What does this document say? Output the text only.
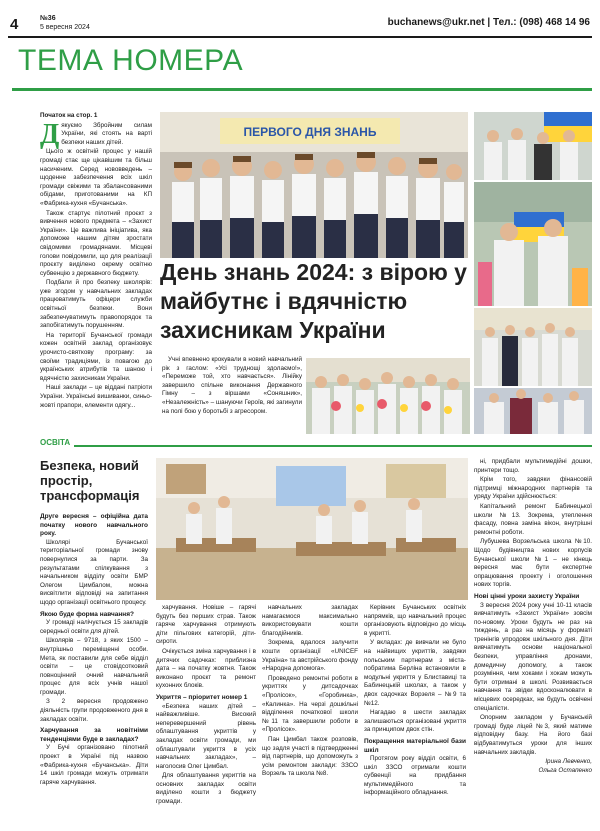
4	№36
5 вересня 2024	buchanews@ukr.net | Тел.: (098) 468 14 96
ТЕМА НОМЕРА

Початок на стор. 1

Дякуємо Збройним силам України, які стоять на варті безпеки наших дітей.

Цього ж освітній процес у нашій громаді стає ще цікавішим та більш насиченим. Серед нововведень – щоденне забезпечення всіх шкіл громади свіжими та збалансованими обідами, приготованими на КП «Фабрика-кухня «Бучанська».

Також стартує пілотний проєкт з вивчення нового предмета – «Захист України». Це важлива ініціатива, яка допоможе нашим дітям зростати свідомими громадянами. Місцеві голови повідомили, що для реалізації проєкту виділено окрему освітню субвенцію з державного бюджету.

Подбали й про безпеку школярів: уже згодом у навчальних закладах працюватимуть офіцери служби освітньої безпеки. Вони забезпечуватимуть правопорядок та запобігатимуть порушенням.

На території Бучанської громади кожен освітній заклад організовує урочисто-святкову програму: за своїми традиціями, із повагою до українських атрибутів та шаною і вдячністю захисникам України.

Наші заклади – це відданi патріоти України. Українські вишиванки, синьо-жовті прапори, елементи одягу...

ПЕРВОГО ДНЯ ЗНАНЬ
День знань 2024: з вірою у майбутнє і вдячністю захисникам України

Учні впевнено крокували в новий навчальний рік з гаслом: «Усі труднощі здолаємо!», «Переможе той, хто навчається». Лінійку завершило спільне виконання Державного Гімну – з віршами «Соняшник», «Незалежність» – шануючи Героїв, які загинули на полі бою у боротьбі з агресором.

ОСВІТА
Безпека, новий простір, трансформація
Друге вересня – офіційна дата початку нового навчального року.

Школярі Бучанської територіальної громади знову повернулися за парти. За результатами спілкування з начальником відділу освіти БМР Олегом Цимбалом, можна висвітлити відповіді на запитання щодо організації освітнього процесу.

Якою буде форма навчання?

У громаді налічується 15 закладів середньої освіти для дітей.

Школярів – 9718, з яких 1500 – внутрішньо переміщенні особи. Мета, як поставили для себе відділ освіти – це стовідсотковий повноцінний очний навчальний процес для всіх учнів нашої громади.

З 2 вересня продовжено діяльність групи продовженого дня в закладах освіти.

Харчування за новітніми тенденціями буде в закладах?

У Бучі організовано пілотний проект в Україні під назвою «Фабрика-кухня «Бучанська». Діти 14 шкіл громади можуть отримати гаряче харчування.

харчування. Новіше – гарячі будуть без перших страв. Також гаряче харчування отримують діти пільгових категорій, діти-сироти.

Очікується зміна харчування і в дитячих садочках: приблизна дата – на початку жовтня. Також виконано проєкт та ремонт кухонних блоків.

Укриття – пріоритет номер 1

«Безпека наших дітей – найважливіше. Високий неперевершений рівень облаштування укриттів у закладах освіти громади, ми облаштували укриття в усіх навчальних закладах», – наголосив Олег Цимбал.

Для облаштування укриттів на основних закладах освіти виділено кошти з бюджету громади.

навчальних закладах намагаємося максимально використовувати кошти благодійників.

Зокрема, вдалося залучити кошти організації «UNICEF Україна» та австрійського фонду «Народна допомога».

Проведено ремонтні роботи в укриттях у дитсадочках «Пролісок», «Горобинка», «Калинка». На черзі дошкільні відділення початкової школи №11 та завершили роботи в «Пролісок».

Пан Цимбал також розповів, що задля участі в підтвердженні від партнерів, що допоможуть з усім ремонтом заклади: ЗЗСО Ворзель та школа №8.

Керівник Бучанських освітніх напрямків, що навчальний процес організовують відповідно до місць в укритті.

У вкладах: де вивчали не було на найвищих укриттів, завдяки польським партнерам з міста-побратима Берліна встановили в модульні укриття у Блиставиці та Бабинецькій школах, а також у двох садочках Ворзеля – №9 та №12.

Нагадаю в шести закладах залишаються організовані укриття за принципом двох стін.

Покращення матеріальної бази шкіл

Протягом року відділ освіти, 6 шкіл ЗЗСО отримали кошти субвенції на придбання мультимедійного та інформаційного обладнання.

ні, придбали мультимедійні дошки, принтери тощо.

Крім того, завдяки фінансовій підтримці міжнародних партнерів та уряду України здійснюється:

Капітальний ремонт Бабинецької школи №13. Зокрема, утеплення фасаду, повна заміна вікон, внутрішні ремонтні роботи.

Лубушева Ворзельська школа №10. Щодо будівництва нових корпусів Бучанської школи №1 – не кінець вересня має бути експертне опрацювання проекту і оголошення нових торгів.

Нові цінні уроки захисту України

З вересня 2024 року учні 10-11 класів вивчатимуть «Захист України» зовсім по-новому. Уроки будуть не раз на тиждень, а раз на місяць у форматі тренінгів упродовж шкільного дня. Діти вивчатимуть основи національної безпеки, управління дронами, домедичну допомогу, а також розуміння, чим хоками і хокам можуть бути отримані в школі. Розвивається навчання та звідки вдосконалювати в місцевих осередках, не будуть освічені спеціалісти.

Опорним закладом у Бучанській громаді буде ліцей №3, який матиме відповідну базу. На його базі відбуватимуться уроки для інших навчальних закладів.

Ірина Левченко,
Ольга Остапенко
